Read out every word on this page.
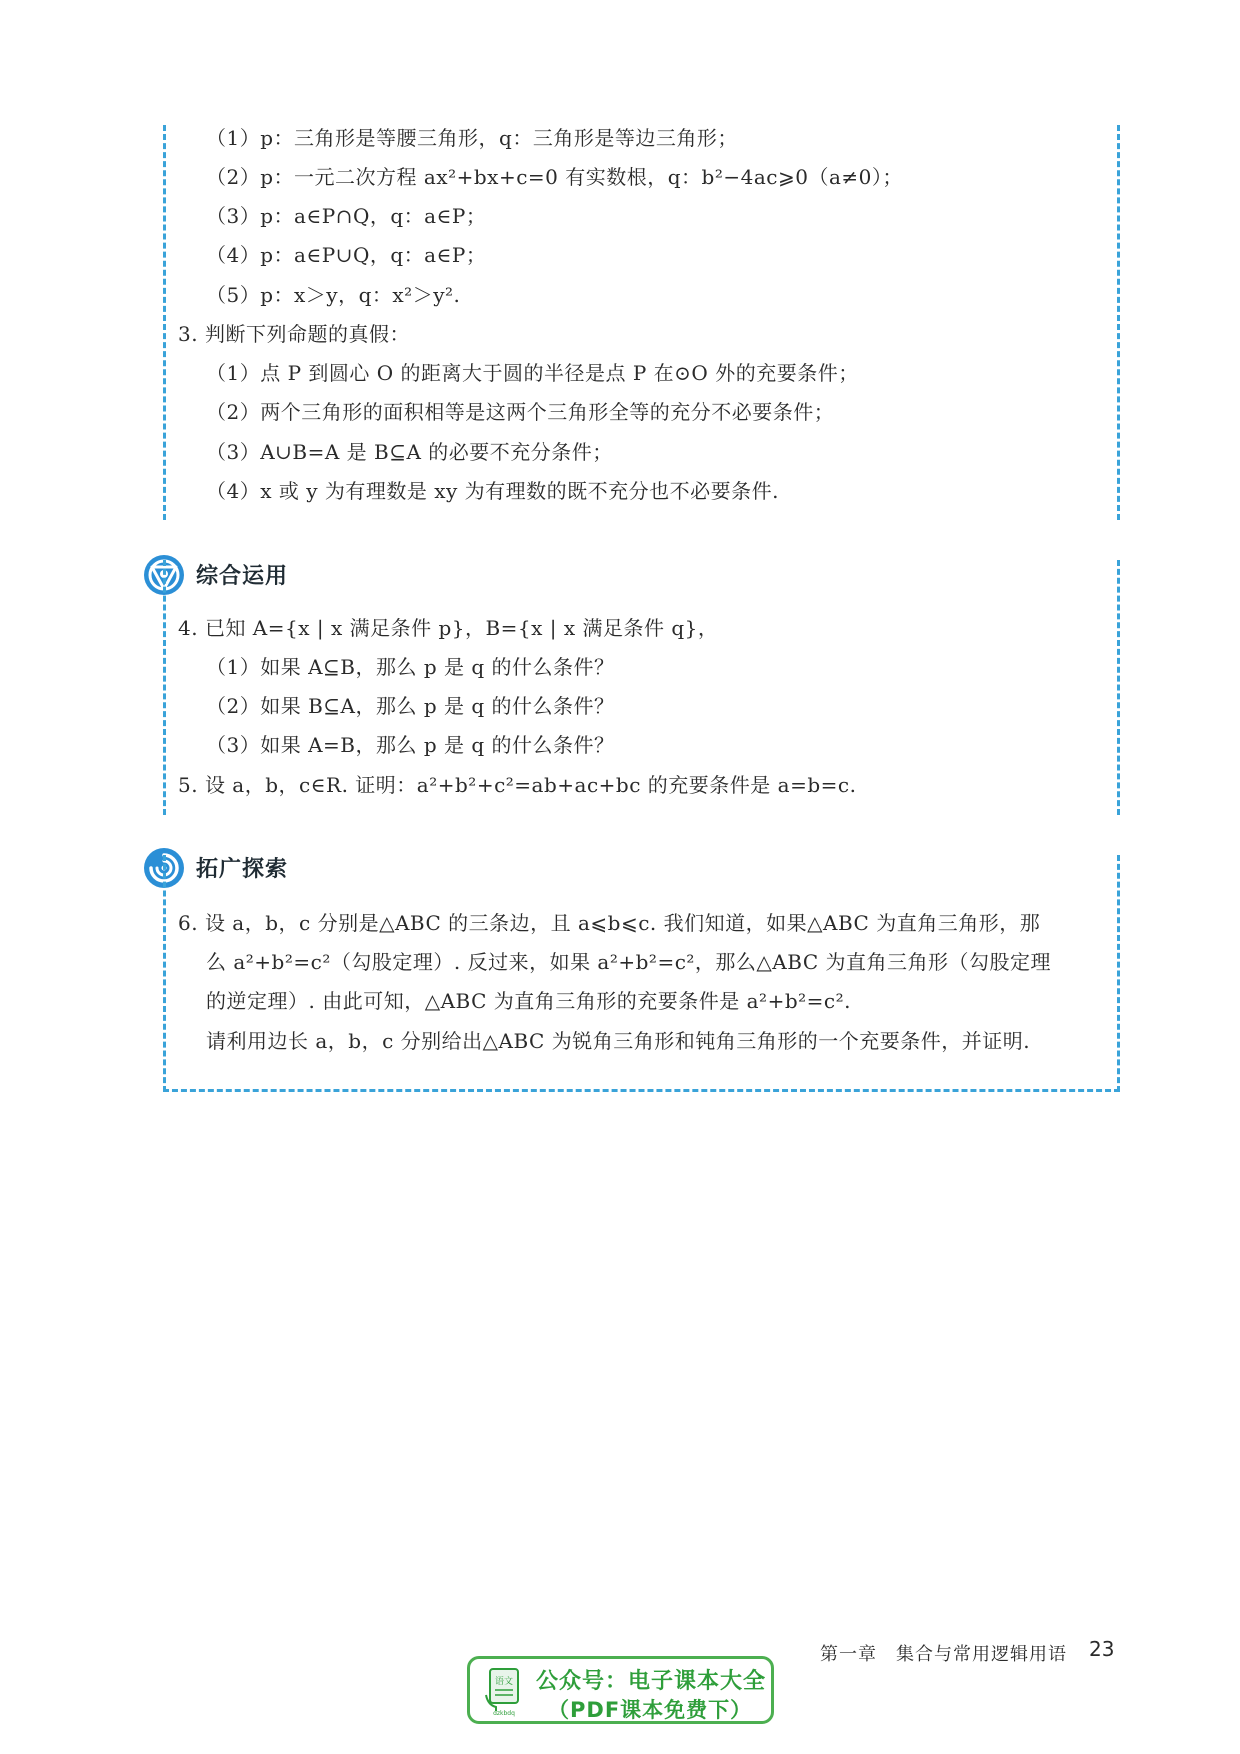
（1）p：三角形是等腰三角形，q：三角形是等边三角形；
（2）p：一元二次方程 ax²+bx+c=0 有实数根，q：b²−4ac⩾0（a≠0）；
（3）p：a∈P∩Q，q：a∈P；
（4）p：a∈P∪Q，q：a∈P；
（5）p：x＞y，q：x²＞y².
3. 判断下列命题的真假：
（1）点 P 到圆心 O 的距离大于圆的半径是点 P 在⊙O 外的充要条件；
（2）两个三角形的面积相等是这两个三角形全等的充分不必要条件；
（3）A∪B=A 是 B⊆A 的必要不充分条件；
（4）x 或 y 为有理数是 xy 为有理数的既不充分也不必要条件.
综合运用
4. 已知 A={x | x 满足条件 p}，B={x | x 满足条件 q}，
（1）如果 A⊆B，那么 p 是 q 的什么条件？
（2）如果 B⊆A，那么 p 是 q 的什么条件？
（3）如果 A=B，那么 p 是 q 的什么条件？
5. 设 a，b，c∈R. 证明：a²+b²+c²=ab+ac+bc 的充要条件是 a=b=c.
拓广探索
6. 设 a，b，c 分别是△ABC 的三条边，且 a⩽b⩽c. 我们知道，如果△ABC 为直角三角形，那
么 a²+b²=c²（勾股定理）. 反过来，如果 a²+b²=c²，那么△ABC 为直角三角形（勾股定理
的逆定理）. 由此可知，△ABC 为直角三角形的充要条件是 a²+b²=c².
请利用边长 a，b，c 分别给出△ABC 为锐角三角形和钝角三角形的一个充要条件，并证明.
第一章　集合与常用逻辑用语 23
语文
dzkbdq
公众号：电子课本大全
（PDF课本免费下）
